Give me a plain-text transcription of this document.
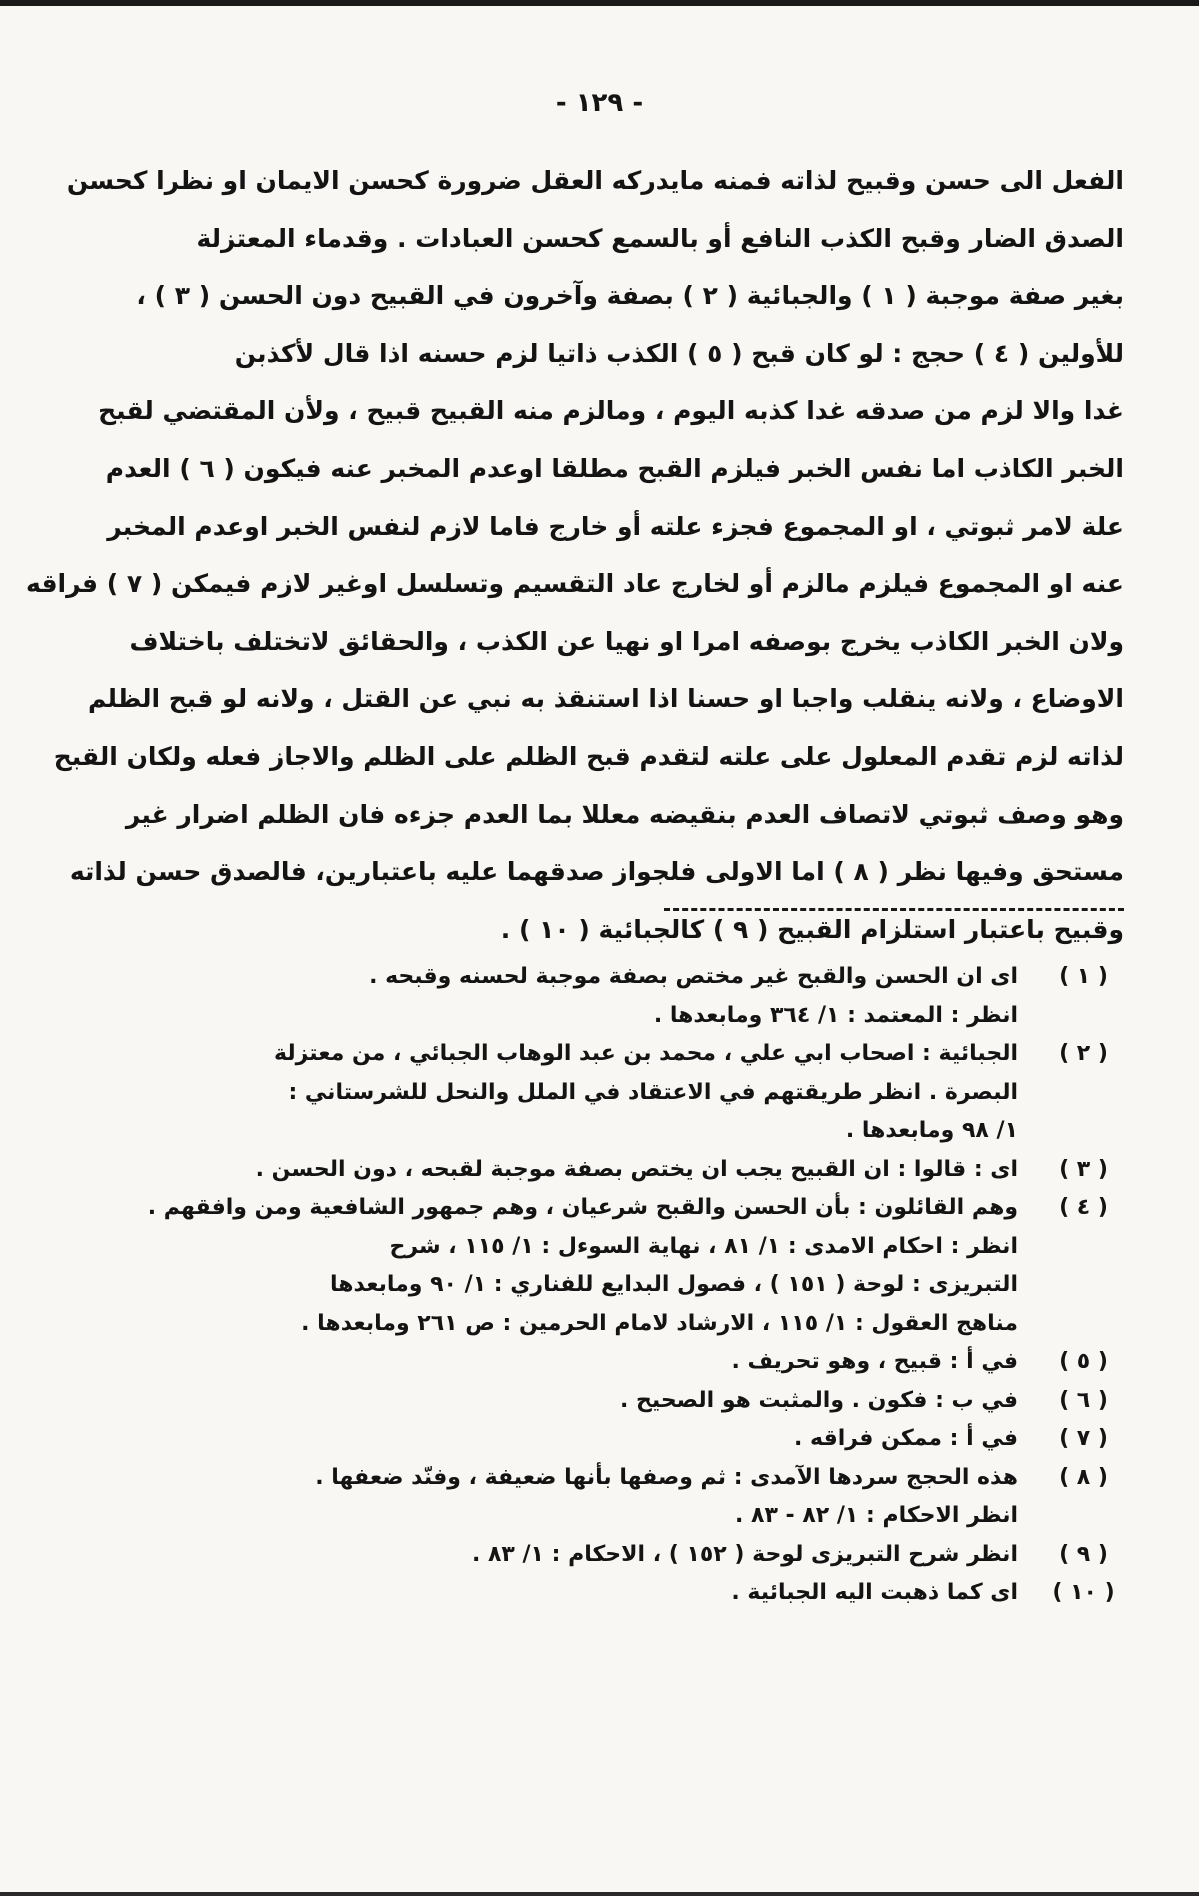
- ١٢٩ -
الفعل الى حسن وقبيح لذاته فمنه مايدركه العقل ضرورة كحسن الايمان او نظرا كحسن
الصدق الضار وقبح الكذب النافع أو بالسمع كحسن العبادات . وقدماء المعتزلة
بغير صفة موجبة ( ١ ) والجبائية ( ٢ ) بصفة وآخرون في القبيح دون الحسن ( ٣ ) ،
للأولين ( ٤ ) حجج : لو كان قبح ( ٥ ) الكذب ذاتيا لزم حسنه اذا قال لأكذبن
غدا والا لزم من صدقه غدا كذبه اليوم ، ومالزم منه القبيح قبيح ، ولأن المقتضي لقبح
الخبر الكاذب اما نفس الخبر فيلزم القبح مطلقا اوعدم المخبر عنه فيكون ( ٦ ) العدم
علة لامر ثبوتي ، او المجموع فجزء علته أو خارج فاما لازم لنفس الخبر اوعدم المخبر
عنه او المجموع فيلزم مالزم أو لخارج عاد التقسيم وتسلسل اوغير لازم فيمكن ( ٧ ) فراقه
ولان الخبر الكاذب يخرج بوصفه امرا او نهيا عن الكذب ، والحقائق لاتختلف باختلاف
الاوضاع ، ولانه ينقلب واجبا او حسنا اذا استنقذ به نبي عن القتل ، ولانه لو قبح الظلم
لذاته لزم تقدم المعلول على علته لتقدم قبح الظلم على الظلم والاجاز فعله ولكان القبح
وهو وصف ثبوتي لاتصاف العدم بنقيضه معللا بما العدم جزءه فان الظلم اضرار غير
مستحق وفيها نظر ( ٨ ) اما الاولى فلجواز صدقهما عليه باعتبارين، فالصدق حسن لذاته
وقبيح باعتبار استلزام القبيح ( ٩ ) كالجبائية ( ١٠ ) .
( ١ )
اى ان الحسن والقبح غير مختص بصفة موجبة لحسنه وقبحه .
انظر : المعتمد : ١/ ٣٦٤ ومابعدها .
( ٢ )
الجبائية : اصحاب ابي علي ، محمد بن عبد الوهاب الجبائي ، من معتزلة
البصرة . انظر طريقتهم في الاعتقاد في الملل والنحل للشرستاني :
١/ ٩٨ ومابعدها .
( ٣ )
اى : قالوا : ان القبيح يجب ان يختص بصفة موجبة لقبحه ، دون الحسن .
( ٤ )
وهم القائلون : بأن الحسن والقبح شرعيان ، وهم جمهور الشافعية ومن وافقهم .
انظر : احكام الامدى : ١/ ٨١ ، نهاية السوءل : ١/ ١١٥ ، شرح
التبريزى : لوحة ( ١٥١ ) ، فصول البدايع للفناري : ١/ ٩٠ ومابعدها
مناهج العقول : ١/ ١١٥ ، الارشاد لامام الحرمين : ص ٢٦١ ومابعدها .
( ٥ )
في أ : قبيح ، وهو تحريف .
( ٦ )
في ب : فكون . والمثبت هو الصحيح .
( ٧ )
في أ : ممكن فراقه .
( ٨ )
هذه الحجج سردها الآمدى : ثم وصفها بأنها ضعيفة ، وفنّد ضعفها .
انظر الاحكام : ١/ ٨٢ - ٨٣ .
( ٩ )
انظر شرح التبريزى لوحة ( ١٥٢ ) ، الاحكام : ١/ ٨٣ .
( ١٠ )
اى كما ذهبت اليه الجبائية .
